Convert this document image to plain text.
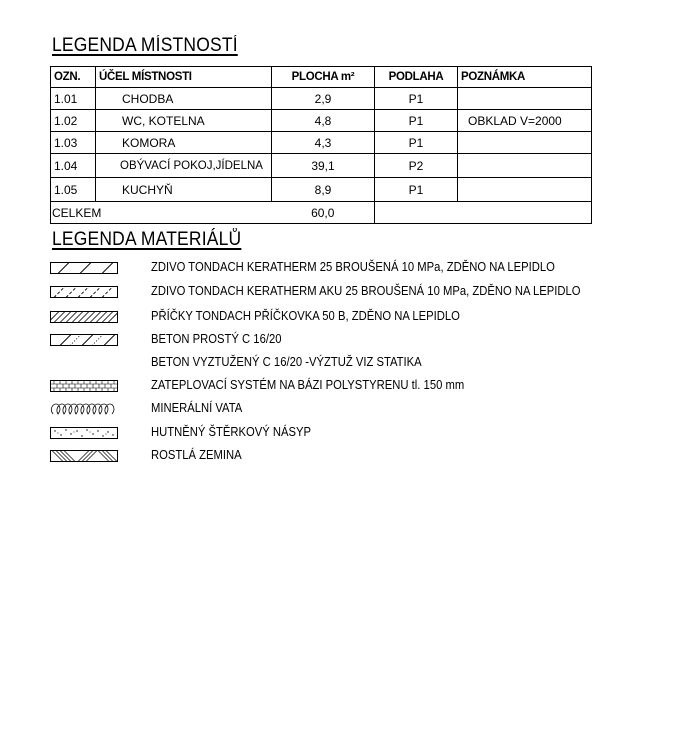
LEGENDA MÍSTNOSTÍ
OZN.	ÚČEL MÍSTNOSTI	PLOCHA m²	PODLAHA	POZNÁMKA
1.01	CHODBA	2,9	P1	
1.02	WC, KOTELNA	4,8	P1	OBKLAD V=2000
1.03	KOMORA	4,3	P1	
1.04	OBÝVACÍ POKOJ,JÍDELNA	39,1	P2	
1.05	KUCHYŇ	8,9	P1	
CELKEM		60,0		
LEGENDA MATERIÁLŮ
ZDIVO TONDACH KERATHERM 25 BROUŠENÁ 10 MPa, ZDĚNO NA LEPIDLO
ZDIVO TONDACH KERATHERM AKU 25 BROUŠENÁ 10 MPa, ZDĚNO NA LEPIDLO
PŘÍČKY TONDACH PŘÍČKOVKA 50 B, ZDĚNO NA LEPIDLO
BETON PROSTÝ C 16/20
BETON VYZTUŽENÝ C 16/20 -VÝZTUŽ VIZ STATIKA
ZATEPLOVACÍ SYSTÉM NA BÁZI POLYSTYRENU tl. 150 mm
MINERÁLNÍ VATA
HUTNĚNÝ ŠTĚRKOVÝ NÁSYP
ROSTLÁ ZEMINA
